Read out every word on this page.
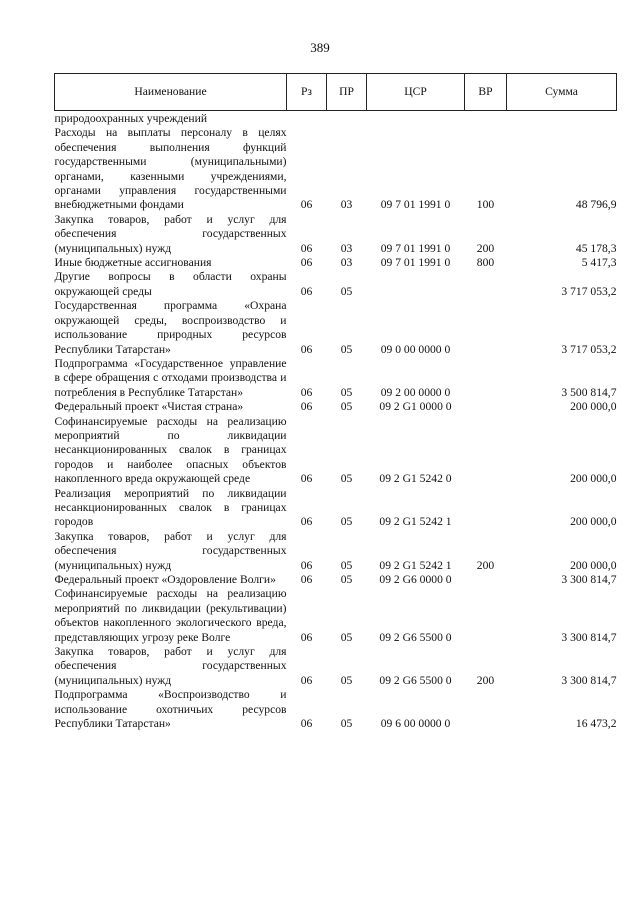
389
Наименование	Рз	ПР	ЦСР	ВР	Сумма
природоохранных учреждений					
Расходы на выплаты персоналу в целях обеспечения выполнения функций государственными (муниципальными) органами, казенными учреждениями, органами управления государственными внебюджетными фондами	06	03	09 7 01 1991 0	100	48 796,9
Закупка товаров, работ и услуг для обеспечения государственных (муниципальных) нужд	06	03	09 7 01 1991 0	200	45 178,3
Иные бюджетные ассигнования	06	03	09 7 01 1991 0	800	5 417,3
Другие вопросы в области охраны окружающей среды	06	05			3 717 053,2
Государственная программа «Охрана окружающей среды, воспроизводство и использование природных ресурсов Республики Татарстан»	06	05	09 0 00 0000 0		3 717 053,2
Подпрограмма «Государственное управление в сфере обращения с отходами производства и потребления в Республике Татарстан»	06	05	09 2 00 0000 0		3 500 814,7
Федеральный проект «Чистая страна»	06	05	09 2 G1 0000 0		200 000,0
Софинансируемые расходы на реализацию мероприятий по ликвидации несанкционированных свалок в границах городов и наиболее опасных объектов накопленного вреда окружающей среде	06	05	09 2 G1 5242 0		200 000,0
Реализация мероприятий по ликвидации несанкционированных свалок в границах городов	06	05	09 2 G1 5242 1		200 000,0
Закупка товаров, работ и услуг для обеспечения государственных (муниципальных) нужд	06	05	09 2 G1 5242 1	200	200 000,0
Федеральный проект «Оздоровление Волги»	06	05	09 2 G6 0000 0		3 300 814,7
Софинансируемые расходы на реализацию мероприятий по ликвидации (рекультивации) объектов накопленного экологического вреда, представляющих угрозу реке Волге	06	05	09 2 G6 5500 0		3 300 814,7
Закупка товаров, работ и услуг для обеспечения государственных (муниципальных) нужд	06	05	09 2 G6 5500 0	200	3 300 814,7
Подпрограмма «Воспроизводство и использование охотничьих ресурсов Республики Татарстан»	06	05	09 6 00 0000 0		16 473,2
